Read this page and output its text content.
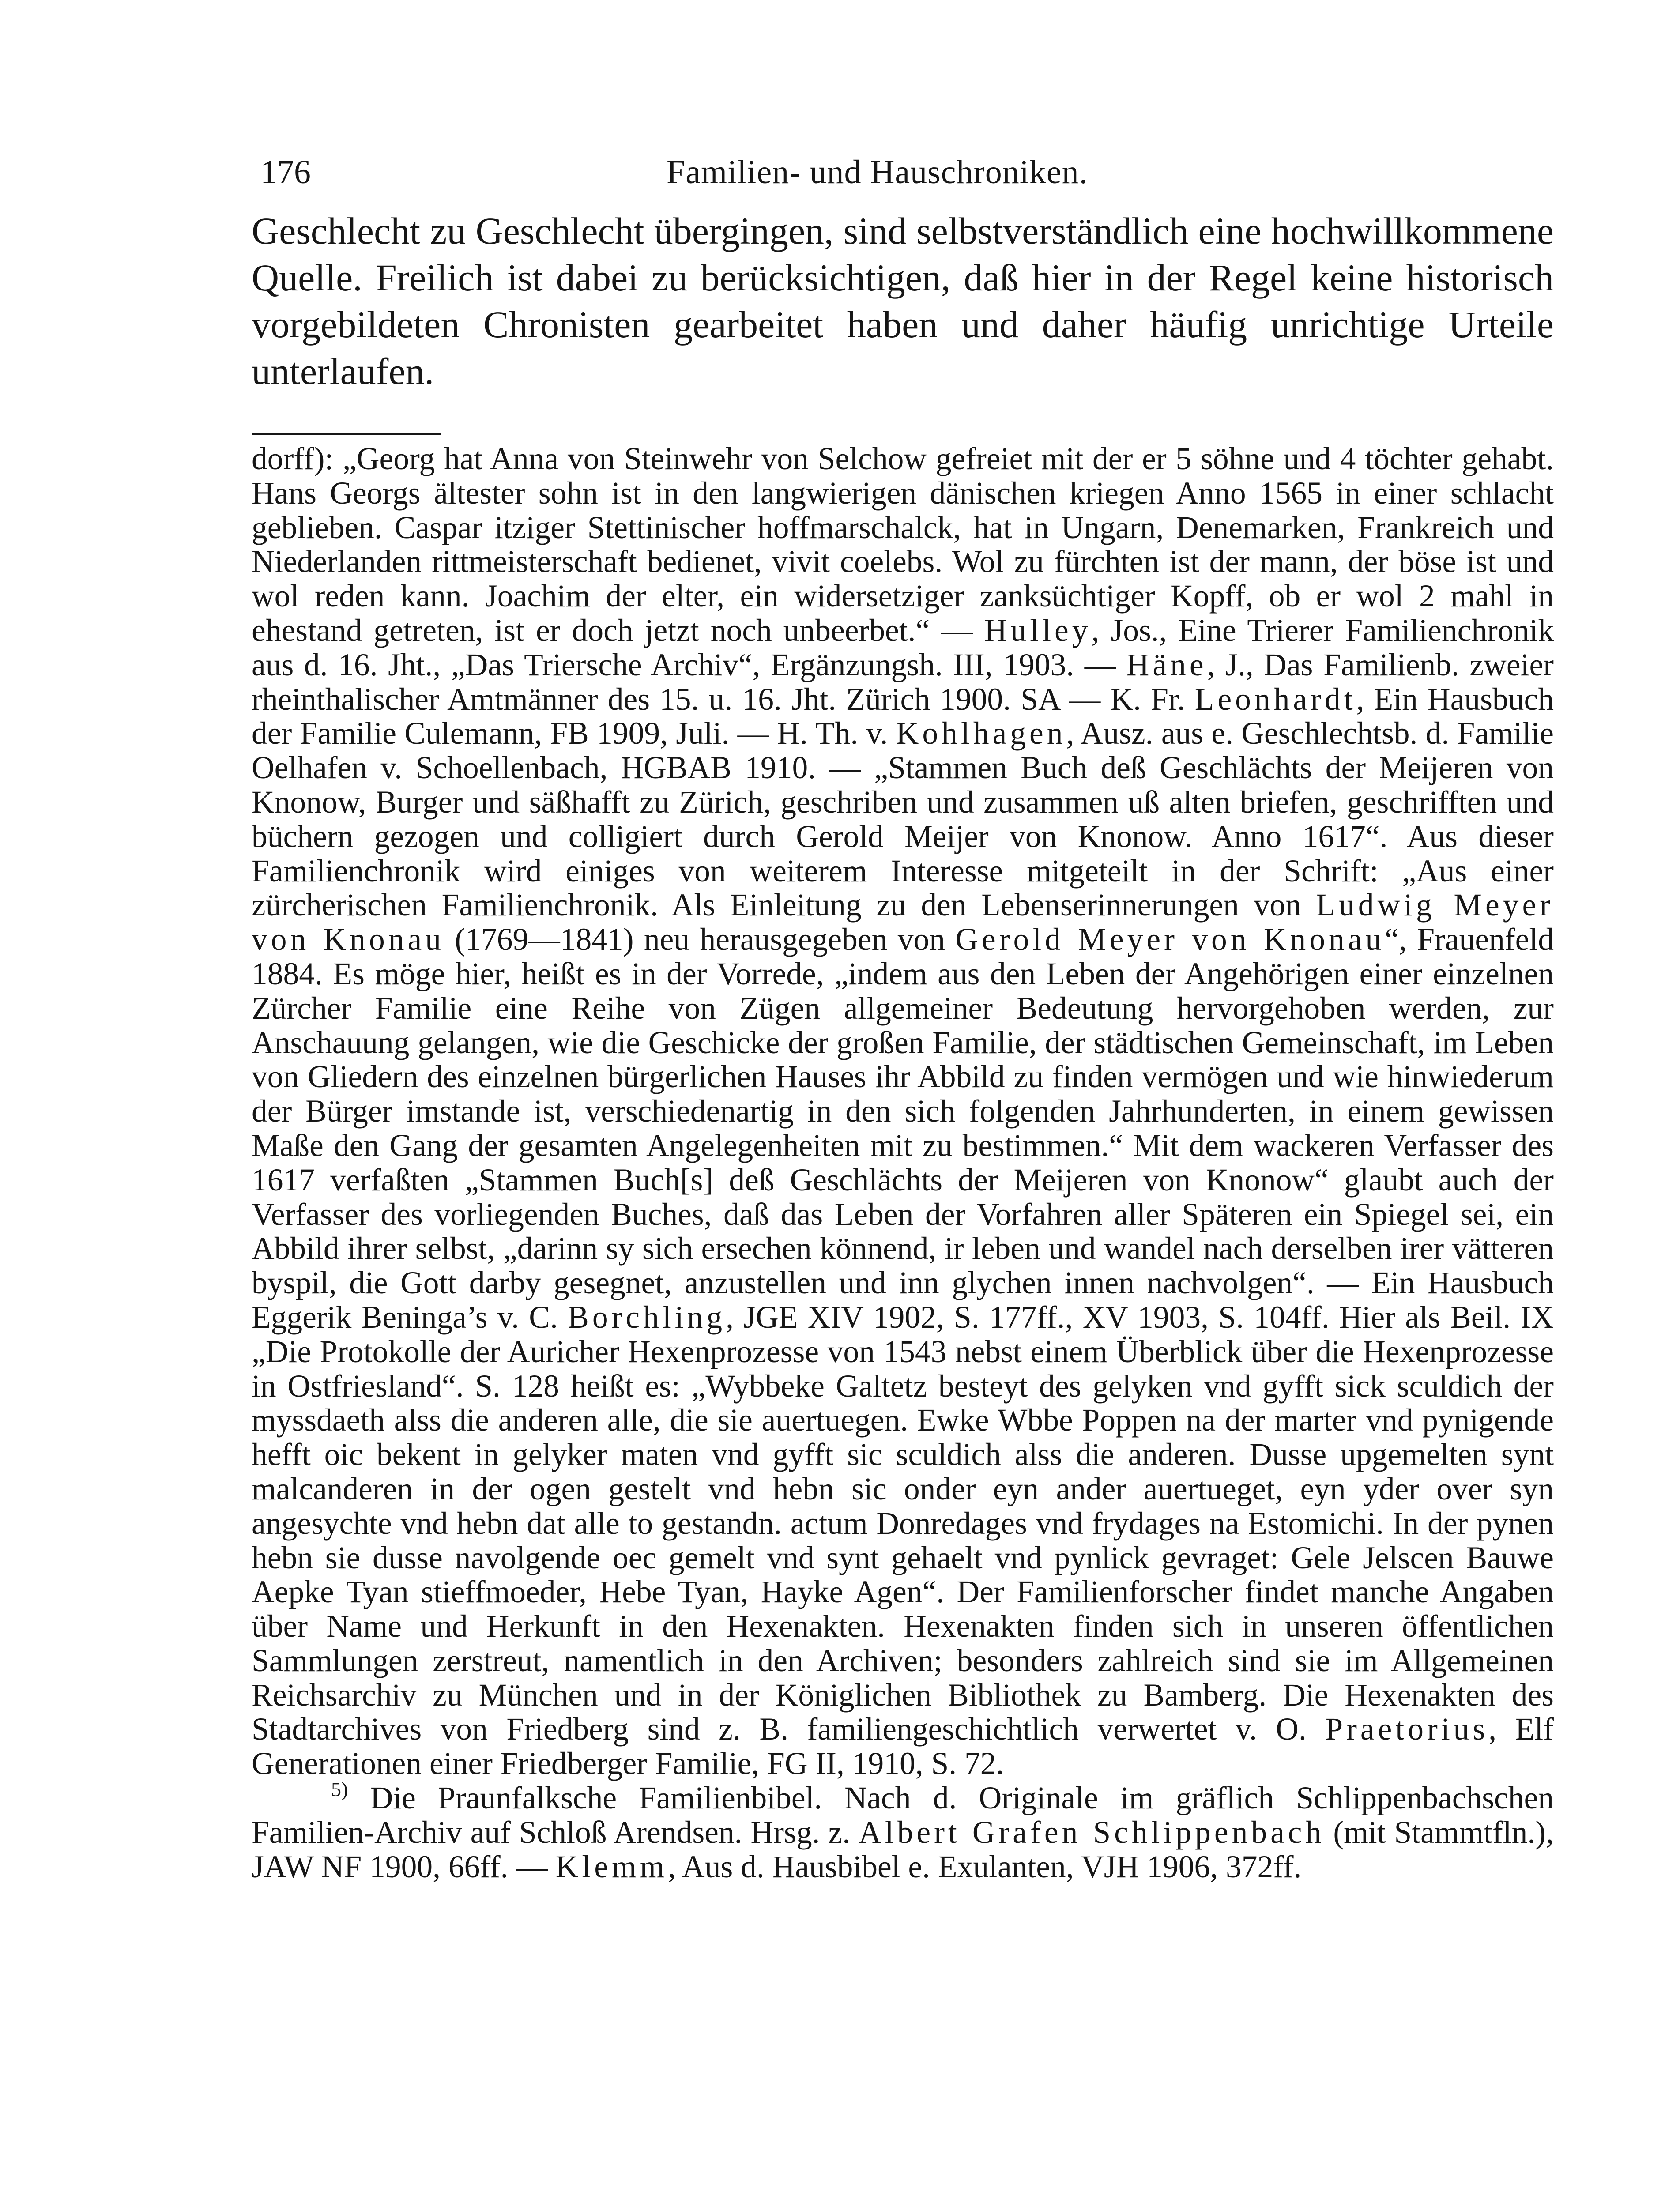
176	Familien- und Hauschroniken.

Geschlecht zu Geschlecht übergingen, sind selbstverständlich eine hochwillkommene Quelle. Freilich ist dabei zu berücksichtigen, daß hier in der Regel keine historisch vorgebildeten Chronisten gearbeitet haben und daher häufig unrichtige Urteile unterlaufen.

dorff): „Georg hat Anna von Steinwehr von Selchow gefreiet mit der er 5 söhne und 4 töchter gehabt. Hans Georgs ältester sohn ist in den langwierigen dänischen kriegen Anno 1565 in einer schlacht geblieben. Caspar itziger Stettinischer hoffmarschalck, hat in Ungarn, Denemarken, Frankreich und Niederlanden rittmeisterschaft bedienet, vivit coelebs. Wol zu fürchten ist der mann, der böse ist und wol reden kann. Joachim der elter, ein widersetziger zanksüchtiger Kopff, ob er wol 2 mahl in ehestand getreten, ist er doch jetzt noch unbeerbet.“ — Hulley, Jos., Eine Trierer Familienchronik aus d. 16. Jht., „Das Triersche Archiv“, Ergänzungsh. III, 1903. — Häne, J., Das Familienb. zweier rheinthalischer Amtmänner des 15. u. 16. Jht. Zürich 1900. SA — K. Fr. Leonhardt, Ein Hausbuch der Familie Culemann, FB 1909, Juli. — H. Th. v. Kohlhagen, Ausz. aus e. Geschlechtsb. d. Familie Oelhafen v. Schoellenbach, HGBAB 1910. — „Stammen Buch deß Geschlächts der Meijeren von Knonow, Burger und säßhafft zu Zürich, geschriben und zusammen uß alten briefen, geschrifften und büchern gezogen und colligiert durch Gerold Meijer von Knonow. Anno 1617“. Aus dieser Familienchronik wird einiges von weiterem Interesse mitgeteilt in der Schrift: „Aus einer zürcherischen Familienchronik. Als Einleitung zu den Lebenserinnerungen von Ludwig Meyer von Knonau (1769—1841) neu herausgegeben von Gerold Meyer von Knonau“, Frauenfeld 1884. Es möge hier, heißt es in der Vorrede, „indem aus den Leben der Angehörigen einer einzelnen Zürcher Familie eine Reihe von Zügen allgemeiner Bedeutung hervorgehoben werden, zur Anschauung gelangen, wie die Geschicke der großen Familie, der städtischen Gemeinschaft, im Leben von Gliedern des einzelnen bürgerlichen Hauses ihr Abbild zu finden vermögen und wie hinwiederum der Bürger imstande ist, verschiedenartig in den sich folgenden Jahrhunderten, in einem gewissen Maße den Gang der gesamten Angelegenheiten mit zu bestimmen.“ Mit dem wackeren Verfasser des 1617 verfaßten „Stammen Buch[s] deß Geschlächts der Meijeren von Knonow“ glaubt auch der Verfasser des vorliegenden Buches, daß das Leben der Vorfahren aller Späteren ein Spiegel sei, ein Abbild ihrer selbst, „darinn sy sich ersechen könnend, ir leben und wandel nach derselben irer vätteren byspil, die Gott darby gesegnet, anzustellen und inn glychen innen nachvolgen“. — Ein Hausbuch Eggerik Beninga’s v. C. Borchling, JGE XIV 1902, S. 177ff., XV 1903, S. 104ff. Hier als Beil. IX „Die Protokolle der Auricher Hexenprozesse von 1543 nebst einem Überblick über die Hexenprozesse in Ostfriesland“. S. 128 heißt es: „Wybbeke Galtetz besteyt des gelyken vnd gyfft sick sculdich der myssdaeth alss die anderen alle, die sie auertuegen. Ewke Wbbe Poppen na der marter vnd pynigende hefft oic bekent in gelyker maten vnd gyfft sic sculdich alss die anderen. Dusse upgemelten synt malcanderen in der ogen gestelt vnd hebn sic onder eyn ander auertueget, eyn yder over syn angesychte vnd hebn dat alle to gestandn. actum Donredages vnd frydages na Estomichi. In der pynen hebn sie dusse navolgende oec gemelt vnd synt gehaelt vnd pynlick gevraget: Gele Jelscen Bauwe Aepke Tyan stieffmoeder, Hebe Tyan, Hayke Agen“. Der Familienforscher findet manche Angaben über Name und Herkunft in den Hexenakten. Hexenakten finden sich in unseren öffentlichen Sammlungen zerstreut, namentlich in den Archiven; besonders zahlreich sind sie im Allgemeinen Reichsarchiv zu München und in der Königlichen Bibliothek zu Bamberg. Die Hexenakten des Stadtarchives von Friedberg sind z. B. familiengeschichtlich verwertet v. O. Praetorius, Elf Generationen einer Friedberger Familie, FG II, 1910, S. 72.

5) Die Praunfalksche Familienbibel. Nach d. Originale im gräflich Schlippenbachschen Familien-Archiv auf Schloß Arendsen. Hrsg. z. Albert Grafen Schlippenbach (mit Stammtfln.), JAW NF 1900, 66ff. — Klemm, Aus d. Hausbibel e. Exulanten, VJH 1906, 372ff.
